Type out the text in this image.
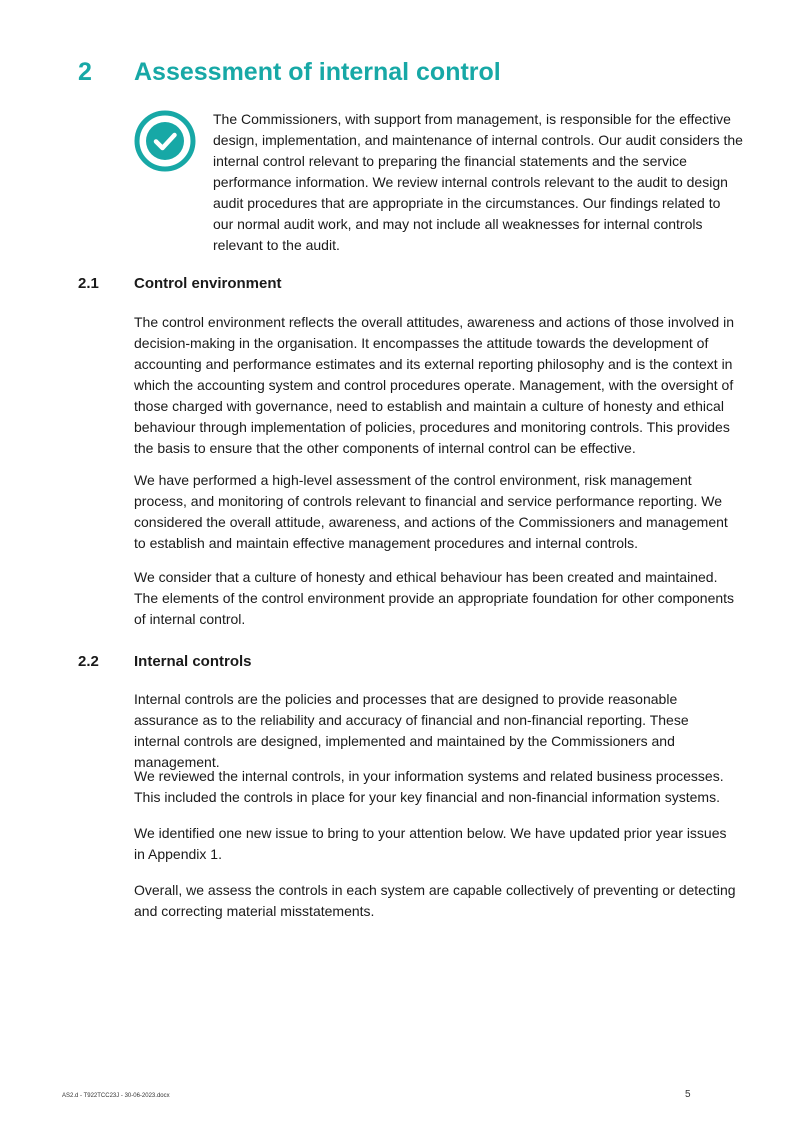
2	Assessment of internal control
The Commissioners, with support from management, is responsible for the effective design, implementation, and maintenance of internal controls. Our audit considers the internal control relevant to preparing the financial statements and the service performance information. We review internal controls relevant to the audit to design audit procedures that are appropriate in the circumstances. Our findings related to our normal audit work, and may not include all weaknesses for internal controls relevant to the audit.
2.1	Control environment

The control environment reflects the overall attitudes, awareness and actions of those involved in decision-making in the organisation. It encompasses the attitude towards the development of accounting and performance estimates and its external reporting philosophy and is the context in which the accounting system and control procedures operate. Management, with the oversight of those charged with governance, need to establish and maintain a culture of honesty and ethical behaviour through implementation of policies, procedures and monitoring controls. This provides the basis to ensure that the other components of internal control can be effective.

We have performed a high-level assessment of the control environment, risk management process, and monitoring of controls relevant to financial and service performance reporting. We considered the overall attitude, awareness, and actions of the Commissioners and management to establish and maintain effective management procedures and internal controls.

We consider that a culture of honesty and ethical behaviour has been created and maintained. The elements of the control environment provide an appropriate foundation for other components of internal control.

2.2	Internal controls

Internal controls are the policies and processes that are designed to provide reasonable assurance as to the reliability and accuracy of financial and non-financial reporting. These internal controls are designed, implemented and maintained by the Commissioners and management.

We reviewed the internal controls, in your information systems and related business processes. This included the controls in place for your key financial and non-financial information systems.

We identified one new issue to bring to your attention below. We have updated prior year issues in Appendix 1.

Overall, we assess the controls in each system are capable collectively of preventing or detecting and correcting material misstatements.

AS2.d - T922TCC23J - 30-06-2023.docx	5
